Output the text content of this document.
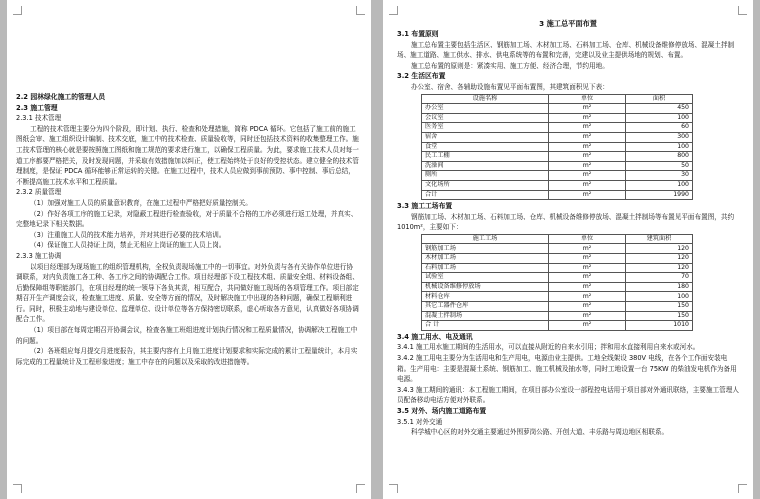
2.2 园林绿化施工的管理人员

2.3 施工管理

2.3.1 技术管理

工程的技术管理主要分为四个阶段，即计划、执行、检查和处理措施，简称 PDCA 循环。它包括了施工前的施工图纸会审、施工组织设计编制、技术交底，施工中的技术检查、质量验收等，同时还包括技术资料的收集整理工作。施工技术管理的核心就是要按照施工图纸和施工规范的要求进行施工，以确保工程质量。为此，要求施工技术人员对每一道工序都要严格把关，及时发现问题，并采取有效措施加以纠正，使工程始终处于良好的受控状态。建立健全的技术管理制度，是保证 PDCA 循环能够正常运转的关键。在施工过程中，技术人员应做到事前预防、事中控制、事后总结，不断提高施工技术水平和工程质量。

2.3.2 质量管理

（1）加强对施工人员的质量意识教育，在施工过程中严格把好质量控制关。

（2）作好各项工序的施工记录，对隐蔽工程进行检查验收，对于质量不合格的工序必须进行返工处理，并真实、完整地记录下相关数据。

（3）注重施工人员的技术能力培养，并对其进行必要的技术培训。

（4）保证施工人员持证上岗，禁止无相应上岗证的施工人员上岗。

2.3.3 施工协调

以项目经理部为现场施工的组织管理机构，全权负责现场施工中的一切事宜。对外负责与各有关协作单位进行协调联系，对内负责施工各工种、各工序之间的协调配合工作。项目经理部下设工程技术组、质量安全组、材料设备组、后勤保障组等职能部门，在项目经理的统一领导下各负其责，相互配合，共同做好施工现场的各项管理工作。项目部定期召开生产调度会议，检查施工进度、质量、安全等方面的情况，及时解决施工中出现的各种问题，确保工程顺利进行。同时，积极主动地与建设单位、监理单位、设计单位等各方保持密切联系，虚心听取各方意见，认真做好各项协调配合工作。

（1）项目部在每周定期召开协调会议，检查各施工班组进度计划执行情况和工程质量情况，协调解决工程施工中的问题。

（2）各班组应每月提交月进度报告，其主要内容有上月施工进度计划要求和实际完成的累计工程量统计，本月实际完成的工程量统计及工程形象进度；施工中存在的问题以及采取的改进措施等。

3 施工总平面布置

3.1 布置原则

施工总布置主要包括生活区、钢筋加工场、木材加工场、石料加工场、仓库、机械设备维修停放场、混凝土拌制场、施工道路、施工供水、排水、供电系统等的布置和完善，完建以及业主提供场地的规划、布置。

施工总布置的原则是：紧凑实用、施工方便、经济合理，节约用地。

3.2 生活区布置

办公室、宿舍、各辅助设施布置见平面布置图，其建筑面积见下表：

设施名称	单位	面积
办公室	m²	450
会议室	m²	100
医务室	m²	60
宿舍	m²	300
食堂	m²	100
民工工棚	m²	800
洗澡间	m²	50
厕所	m²	30
文化场所	m²	100
合计	m²	1990

3.3 施工工场布置

钢筋加工场、木材加工场、石料加工场、仓库、机械设备维修停放场、混凝土拌制场等布置见平面布置图，共约 1010m²，主要如下：

施工工场	单位	建筑面积
钢筋加工场	m²	120
木材加工场	m²	120
石料加工场	m²	120
试验室	m²	70
机械设备维修停放场	m²	180
材料仓库	m²	100
其它工器件仓库	m²	150
混凝土拌制场	m²	150
合 计	m²	1010

3.4 施工用水、电及通讯

3.4.1 施工用水施工期间的生活用水，可以直接从附近的自来水引用；拌和用水直接利用自来水或河水。

3.4.2 施工用电主要分为生活用电和生产用电，电源由业主提供。工地全线架设 380V 电线，在各个工作面安装电箱。生产用电：主要是混凝土系统、钢筋加工、施工机械及抽水等，同时工地设置一台 75KW 的柴油发电机作为备用电源。

3.4.3 施工期间的通讯：本工程施工期间，在项目部办公室设一部程控电话用于项目部对外通讯联络，主要施工管理人员配备移动电话方便对外联系。

3.5 对外、场内施工道路布置

3.5.1 对外交通

科学城中心区的对外交通主要通过外围萝岗公路、开创大道、丰乐路与周边地区相联系。
